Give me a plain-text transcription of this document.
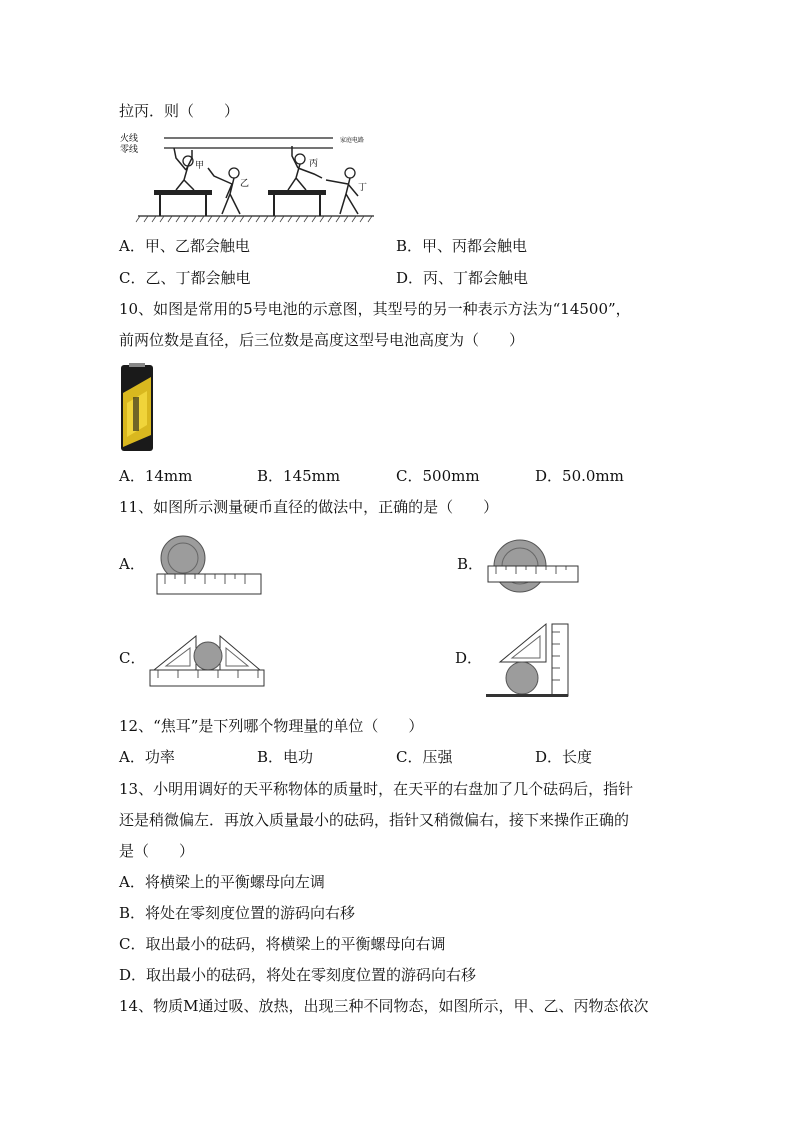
拉丙．则（　　）
火线
零线
家庭电路
甲
乙
丙
丁
A．甲、乙都会触电	B．甲、丙都会触电
C．乙、丁都会触电	D．丙、丁都会触电
10、如图是常用的5号电池的示意图，其型号的另一种表示方法为“14500”，
前两位数是直径，后三位数是高度这型号电池高度为（　　）
A．14mm	B．145mm	C．500mm	D．50.0mm
11、如图所示测量硬币直径的做法中，正确的是（　　）
A．	B．
C．	D．
12、“焦耳”是下列哪个物理量的单位（　　）
A．功率	B．电功	C．压强	D．长度
13、小明用调好的天平称物体的质量时，在天平的右盘加了几个砝码后，指针
还是稍微偏左．再放入质量最小的砝码，指针又稍微偏右，接下来操作正确的
是（　　）
A．将横梁上的平衡螺母向左调
B．将处在零刻度位置的游码向右移
C．取出最小的砝码，将横梁上的平衡螺母向右调
D．取出最小的砝码，将处在零刻度位置的游码向右移
14、物质M通过吸、放热，出现三种不同物态，如图所示，甲、乙、丙物态依次
